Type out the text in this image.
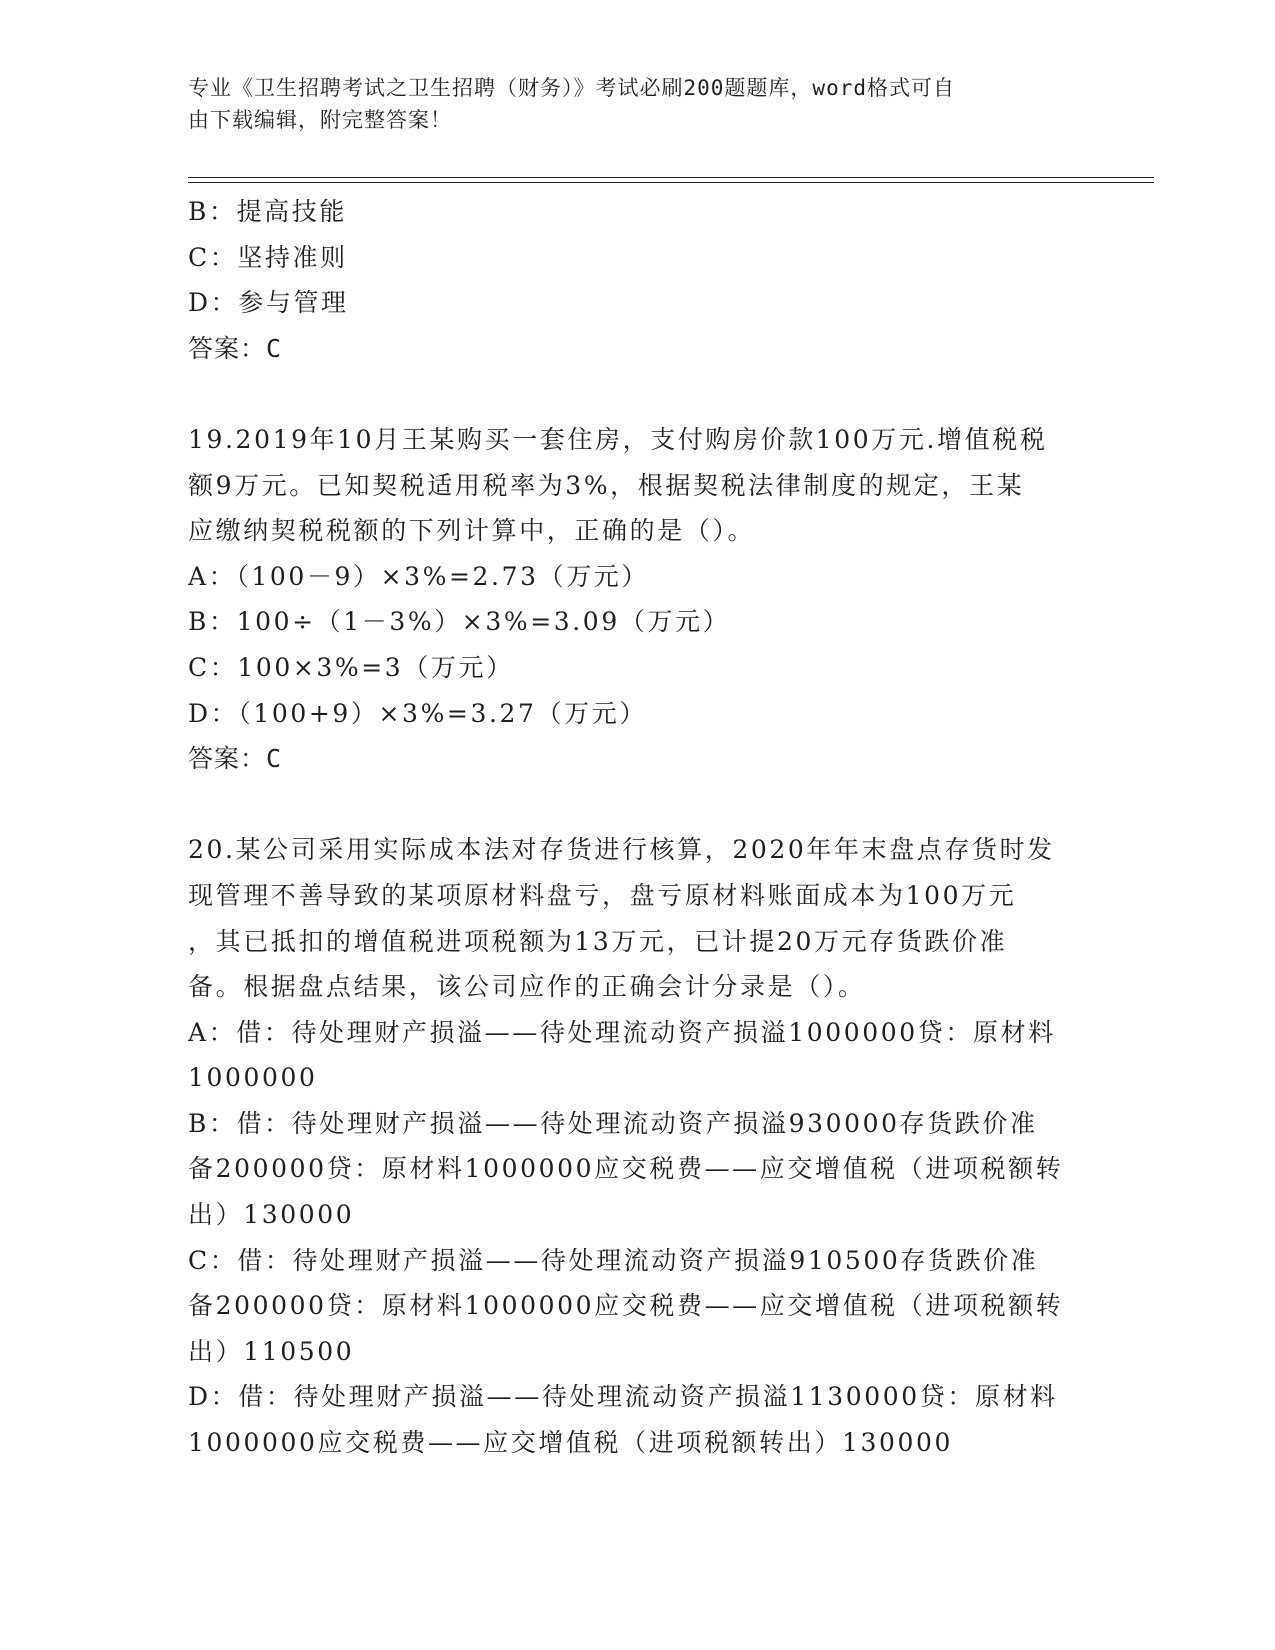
专业《卫生招聘考试之卫生招聘（财务）》考试必刷200题题库，word格式可自
由下载编辑，附完整答案！
B：提高技能
C：坚持准则
D：参与管理
答案：C
19.2019年10月王某购买一套住房，支付购房价款100万元.增值税税
额9万元。已知契税适用税率为3%，根据契税法律制度的规定，王某
应缴纳契税税额的下列计算中，正确的是（）。
A：（100－9）×3%=2.73（万元）
B：100÷（1－3%）×3%=3.09（万元）
C：100×3%=3（万元）
D：（100+9）×3%=3.27（万元）
答案：C
20.某公司采用实际成本法对存货进行核算，2020年年末盘点存货时发
现管理不善导致的某项原材料盘亏，盘亏原材料账面成本为100万元
，其已抵扣的增值税进项税额为13万元，已计提20万元存货跌价准
备。根据盘点结果，该公司应作的正确会计分录是（）。
A：借：待处理财产损溢——待处理流动资产损溢1000000贷：原材料
1000000
B：借：待处理财产损溢——待处理流动资产损溢930000存货跌价准
备200000贷：原材料1000000应交税费——应交增值税（进项税额转
出）130000
C：借：待处理财产损溢——待处理流动资产损溢910500存货跌价准
备200000贷：原材料1000000应交税费——应交增值税（进项税额转
出）110500
D：借：待处理财产损溢——待处理流动资产损溢1130000贷：原材料
1000000应交税费——应交增值税（进项税额转出）130000
